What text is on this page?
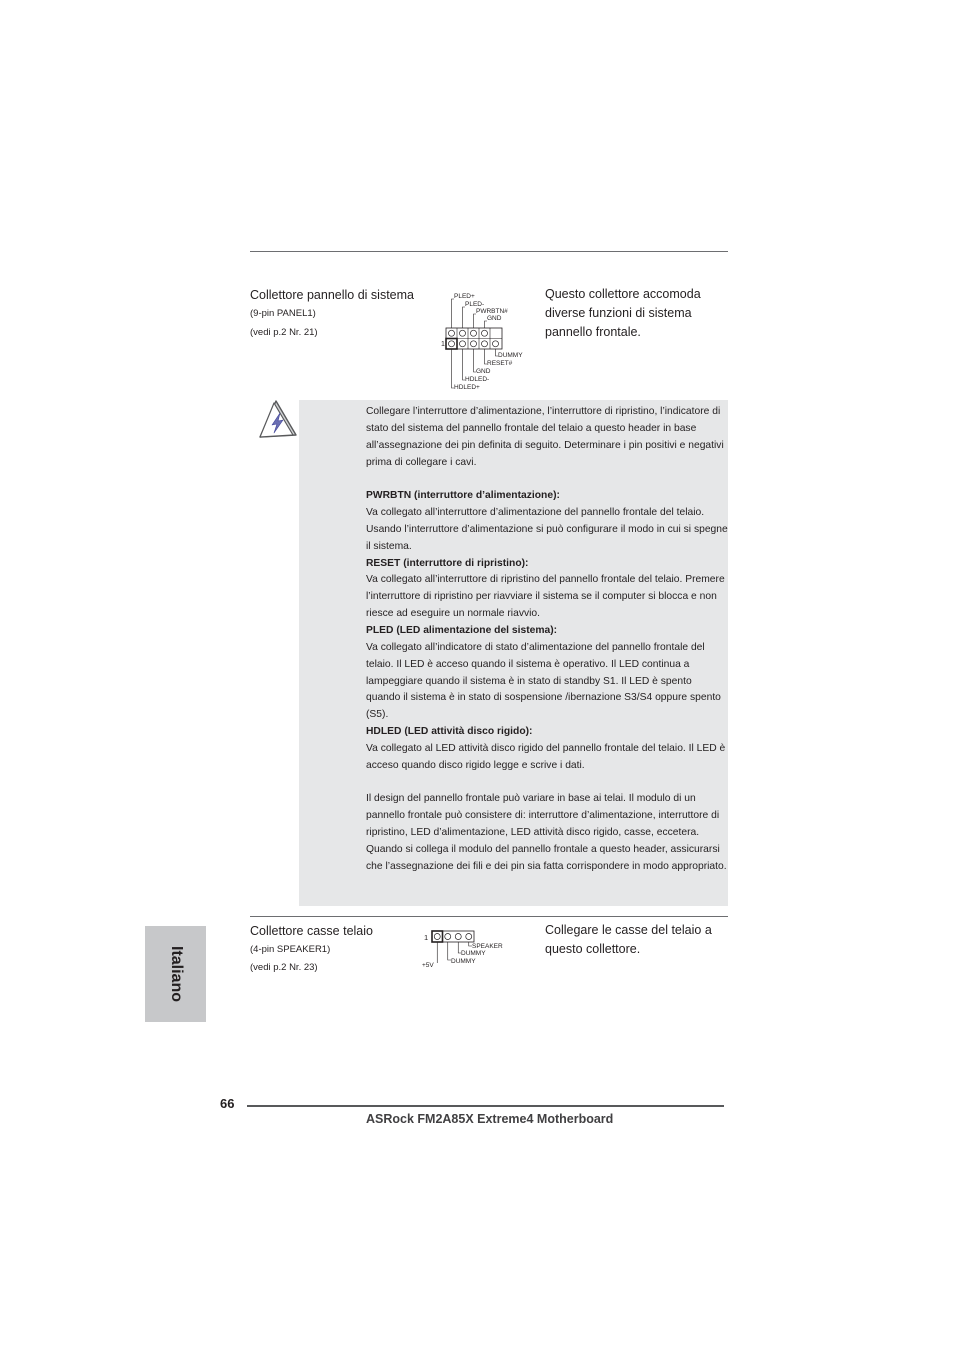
Collettore pannello di sistema
(9-pin PANEL1)
(vedi p.2 Nr. 21)
Questo collettore accomoda
diverse funzioni di sistema
pannello frontale.
PLED+
PLED-
PWRBTN#
GND
DUMMY
RESET#
GND
HDLED-
HDLED+
1

Collegare l’interruttore d’alimentazione, l’interruttore di ripristino, l’indicatore di stato del sistema del pannello frontale del telaio a questo header in base all’assegnazione dei pin definita di seguito. Determinare i pin positivi e negativi prima di collegare i cavi.

PWRBTN (interruttore d’alimentazione):

Va collegato all’interruttore d’alimentazione del pannello frontale del telaio. Usando l’interruttore d’alimentazione si può configurare il modo in cui si spegne il sistema.

RESET (interruttore di ripristino):

Va collegato all’interruttore di ripristino del pannello frontale del telaio. Premere l’interruttore di ripristino per riavviare il sistema se il computer si blocca e non riesce ad eseguire un normale riavvio.

PLED (LED alimentazione del sistema):

Va collegato all’indicatore di stato d’alimentazione del pannello frontale del telaio. Il LED è acceso quando il sistema è operativo. Il LED continua a lampeggiare quando il sistema è in stato di standby S1. Il LED è spento quando il sistema è in stato di sospensione /ibernazione S3/S4 oppure spento (S5).

HDLED (LED attività disco rigido):

Va collegato al LED attività disco rigido del pannello frontale del telaio. Il LED è acceso quando disco rigido legge e scrive i dati.

Il design del pannello frontale può variare in base ai telai. Il modulo di un pannello frontale può consistere di: interruttore d’alimentazione, interruttore di ripristino, LED d’alimentazione, LED attività disco rigido, casse, eccetera. Quando si collega il modulo del pannello frontale a questo header, assicurarsi che l’assegnazione dei fili e dei pin sia fatta corrispondere in modo appropriato.

Collettore casse telaio
(4-pin SPEAKER1)
(vedi p.2 Nr. 23)
Collegare le casse del telaio a
questo collettore.
1
SPEAKER
DUMMY
DUMMY
+5V
Italiano
66
ASRock FM2A85X Extreme4 Motherboard
